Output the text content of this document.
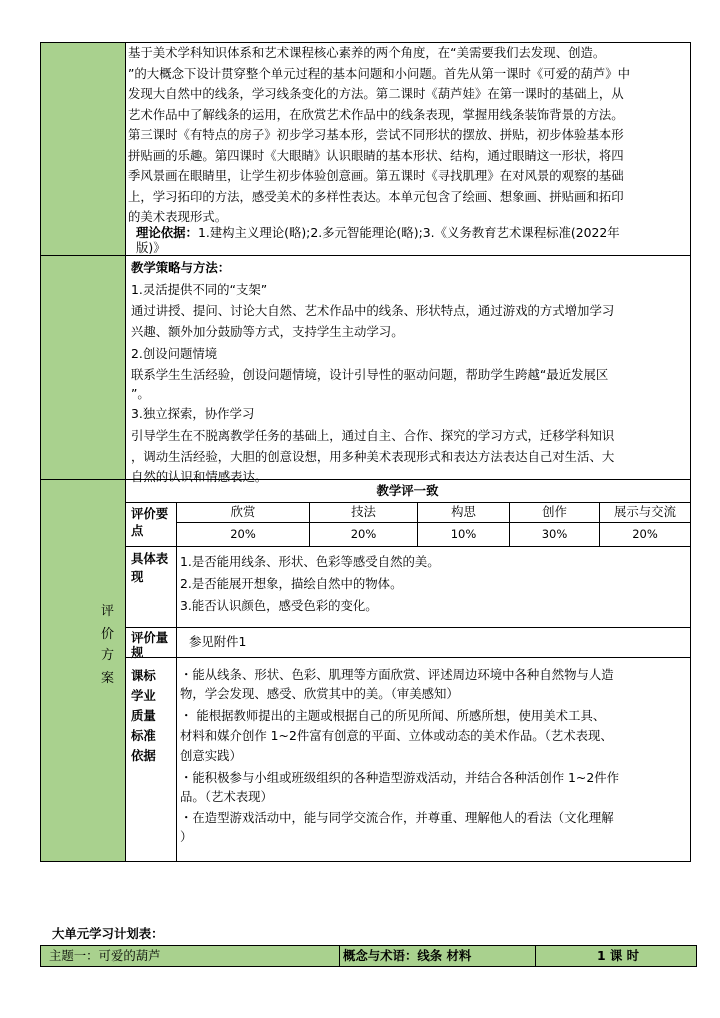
基于美术学科知识体系和艺术课程核心素养的两个角度，在“美需要我们去发现、创造。
”的大概念下设计贯穿整个单元过程的基本问题和小问题。首先从第一课时《可爱的葫芦》中
发现大自然中的线条，学习线条变化的方法。第二课时《葫芦娃》在第一课时的基础上，从
艺术作品中了解线条的运用，在欣赏艺术作品中的线条表现，掌握用线条装饰背景的方法。
第三课时《有特点的房子》初步学习基本形，尝试不同形状的摆放、拼贴，初步体验基本形
拼贴画的乐趣。第四课时《大眼睛》认识眼睛的基本形状、结构，通过眼睛这一形状，将四
季风景画在眼睛里，让学生初步体验创意画。第五课时《寻找肌理》在对风景的观察的基础
上，学习拓印的方法，感受美术的多样性表达。本单元包含了绘画、想象画、拼贴画和拓印
的美术表现形式。
理论依据：1.建构主义理论(略);2.多元智能理论(略);3.《义务教育艺术课程标准(2022年
版)》
教学策略与方法：
1.灵活提供不同的“支架”
通过讲授、提问、讨论大自然、艺术作品中的线条、形状特点，通过游戏的方式增加学习
兴趣、额外加分鼓励等方式，支持学生主动学习。
2.创设问题情境
联系学生生活经验，创设问题情境，设计引导性的驱动问题，帮助学生跨越“最近发展区
”。
3.独立探索，协作学习
引导学生在不脱离教学任务的基础上，通过自主、合作、探究的学习方式，迁移学科知识
，调动生活经验，大胆的创意设想，用多种美术表现形式和表达方法表达自己对生活、大
自然的认识和情感表达。
评
价
方
案
教学评一致
评价要
点
欣赏	技法	构思	创作	展示与交流
20%	20%	10%	30%	20%
具体表
现
1.是否能用线条、形状、色彩等感受自然的美。
2.是否能展开想象，描绘自然中的物体。
3.能否认识颜色，感受色彩的变化。
评价量
规
参见附件1
课标
学业
质量
标准
依据
・能从线条、形状、色彩、肌理等方面欣赏、评述周边环境中各种自然物与人造
物，学会发现、感受、欣赏其中的美。（审美感知）
・ 能根据教师提出的主题或根据自己的所见所闻、所感所想，使用美术工具、
材料和媒介创作 1~2件富有创意的平面、立体或动态的美术作品。（艺术表现、
创意实践）
・能积极参与小组或班级组织的各种造型游戏活动，并结合各种活创作 1~2件作
品。（艺术表现）
・在造型游戏活动中，能与同学交流合作，并尊重、理解他人的看法（文化理解
）
大单元学习计划表：
主题一：可爱的葫芦	概念与术语：线条 材料	1 课 时
